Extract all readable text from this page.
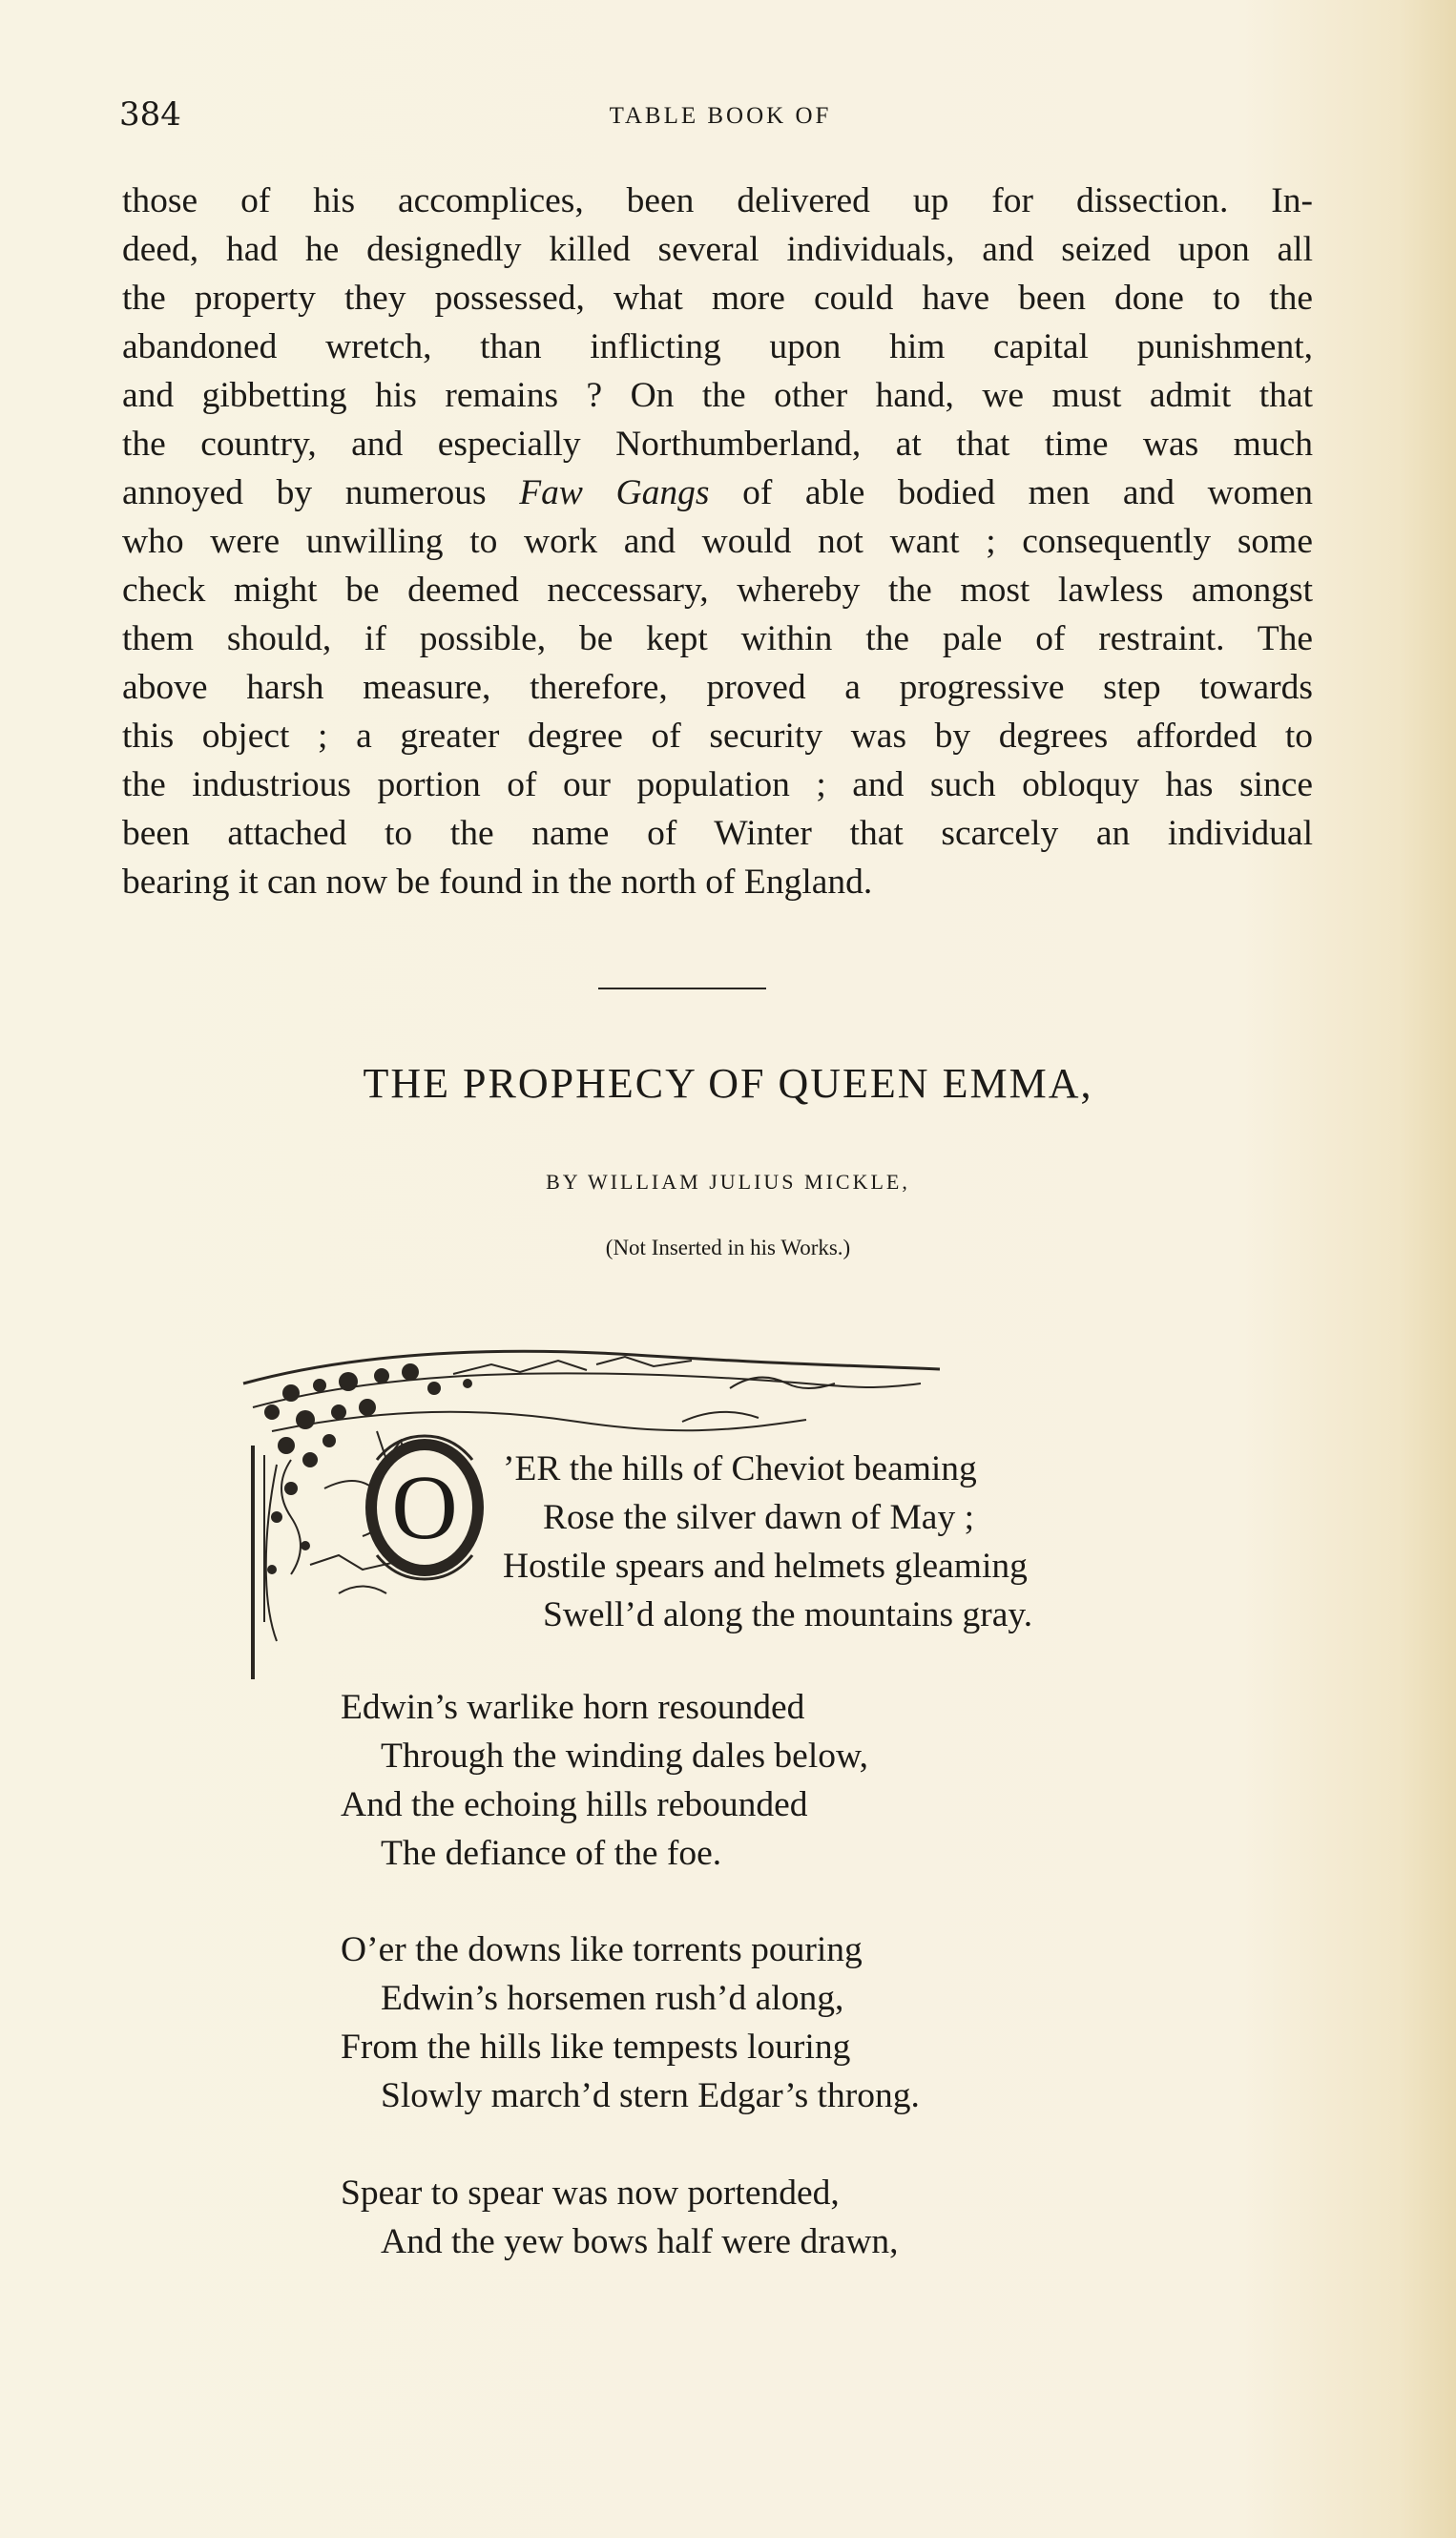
384	TABLE BOOK OF
those of his accomplices, been delivered up for dissection. In-
deed, had he designedly killed several individuals, and seized upon all
the property they possessed, what more could have been done to the
abandoned wretch, than inflicting upon him capital punishment,
and gibbetting his remains ? On the other hand, we must admit that
the country, and especially Northumberland, at that time was much
annoyed by numerous Faw Gangs of able bodied men and women
who were unwilling to work and would not want ; consequently some
check might be deemed neccessary, whereby the most lawless amongst
them should, if possible, be kept within the pale of restraint. The
above harsh measure, therefore, proved a progressive step towards
this object ; a greater degree of security was by degrees afforded to
the industrious portion of our population ; and such obloquy has since
been attached to the name of Winter that scarcely an individual
bearing it can now be found in the north of England.
THE PROPHECY OF QUEEN EMMA,
BY WILLIAM JULIUS MICKLE,
(Not Inserted in his Works.)
O ’ER the hills of Cheviot beaming
Rose the silver dawn of May ;
Hostile spears and helmets gleaming
Swell’d along the mountains gray.
Edwin’s warlike horn resounded
Through the winding dales below,
And the echoing hills rebounded
The defiance of the foe.
O’er the downs like torrents pouring
Edwin’s horsemen rush’d along,
From the hills like tempests louring
Slowly march’d stern Edgar’s throng.
Spear to spear was now portended,
And the yew bows half were drawn,
